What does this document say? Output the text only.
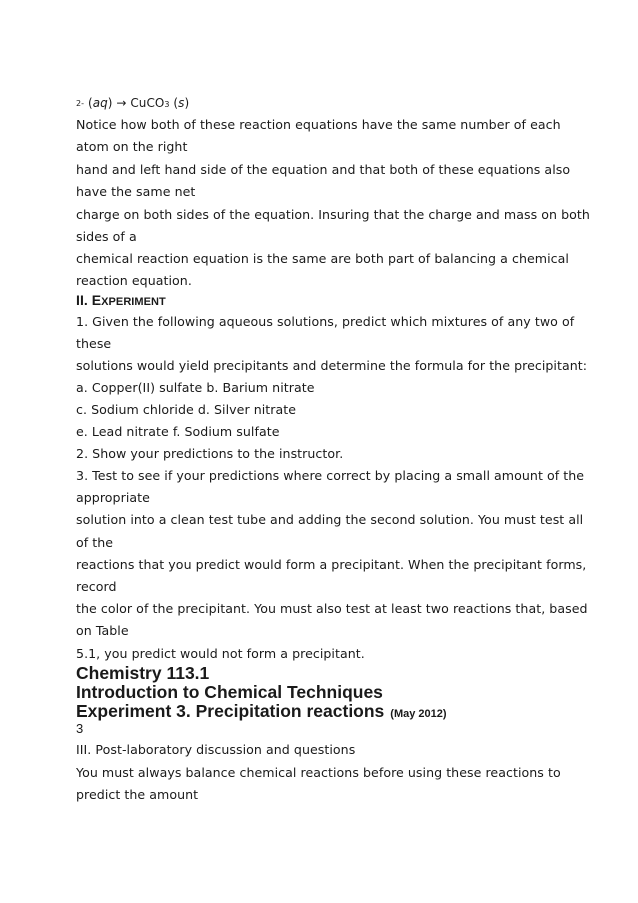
2- (aq) → CuCO3 (s)
Notice how both of these reaction equations have the same number of each
atom on the right
hand and left hand side of the equation and that both of these equations also
have the same net
charge on both sides of the equation. Insuring that the charge and mass on both
sides of a
chemical reaction equation is the same are both part of balancing a chemical
reaction equation.
II. EXPERIMENT
1. Given the following aqueous solutions, predict which mixtures of any two of
these
solutions would yield precipitants and determine the formula for the precipitant:
a. Copper(II) sulfate b. Barium nitrate
c. Sodium chloride d. Silver nitrate
e. Lead nitrate f. Sodium sulfate
2. Show your predictions to the instructor.
3. Test to see if your predictions where correct by placing a small amount of the
appropriate
solution into a clean test tube and adding the second solution. You must test all
of the
reactions that you predict would form a precipitant. When the precipitant forms,
record
the color of the precipitant. You must also test at least two reactions that, based
on Table
5.1, you predict would not form a precipitant.
Chemistry 113.1
Introduction to Chemical Techniques
Experiment 3. Precipitation reactions (May 2012)
3
III. Post-laboratory discussion and questions
You must always balance chemical reactions before using these reactions to
predict the amount
